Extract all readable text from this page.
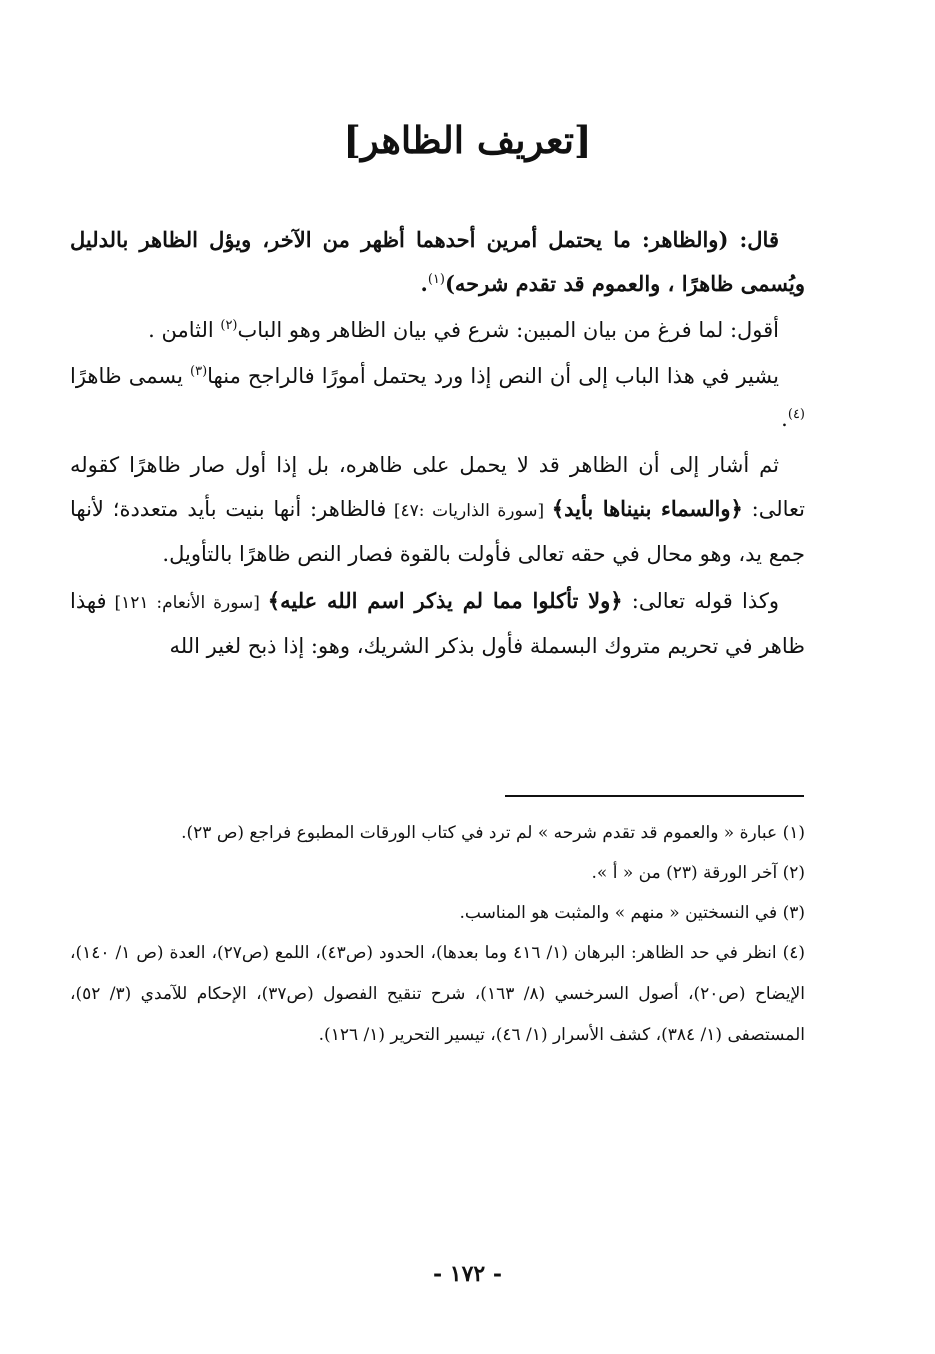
[تعريف الظاهر]

قال: (والظاهر: ما يحتمل أمرين أحدهما أظهر من الآخر، ويؤل الظاهر بالدليل ويُسمى ظاهرًا ، والعموم قد تقدم شرحه)$^{(١)}$.

أقول: لما فرغ من بيان المبين: شرع في بيان الظاهر وهو الباب$^{(٢)}$ الثامن .

يشير في هذا الباب إلى أن النص إذا ورد يحتمل أمورًا فالراجح منها$^{(٣)}$ يسمى ظاهرًا $^{(٤)}$.

ثم أشار إلى أن الظاهر قد لا يحمل على ظاهره، بل إذا أول صار ظاهرًا كقوله تعالى: ﴿والسماء بنيناها بأيد﴾ [سورة الذاريات :٤٧] فالظاهر: أنها بنيت بأيد متعددة؛ لأنها جمع يد، وهو محال في حقه تعالى فأولت بالقوة فصار النص ظاهرًا بالتأويل.

وكذا قوله تعالى: ﴿ولا تأكلوا مما لم يذكر اسم الله عليه﴾ [سورة الأنعام: ١٢١] فهذا ظاهر في تحريم متروك البسملة فأول بذكر الشريك، وهو: إذا ذبح لغير الله

(١) عبارة « والعموم قد تقدم شرحه » لم ترد في كتاب الورقات المطبوع فراجع (ص ٢٣).
(٢) آخر الورقة (٢٣) من « أ ».
(٣) في النسختين « منهم » والمثبت هو المناسب.
(٤) انظر في حد الظاهر: البرهان (١/ ٤١٦ وما بعدها)، الحدود (ص٤٣)، اللمع (ص٢٧)، العدة (ص ١/ ١٤٠)، الإيضاح (ص٢٠)، أصول السرخسي (٨/ ١٦٣)، شرح تنقيح الفصول (ص٣٧)، الإحكام للآمدي (٣/ ٥٢)، المستصفى (١/ ٣٨٤)، كشف الأسرار (١/ ٤٦)، تيسير التحرير (١/ ١٢٦).
- ١٧٢ -
